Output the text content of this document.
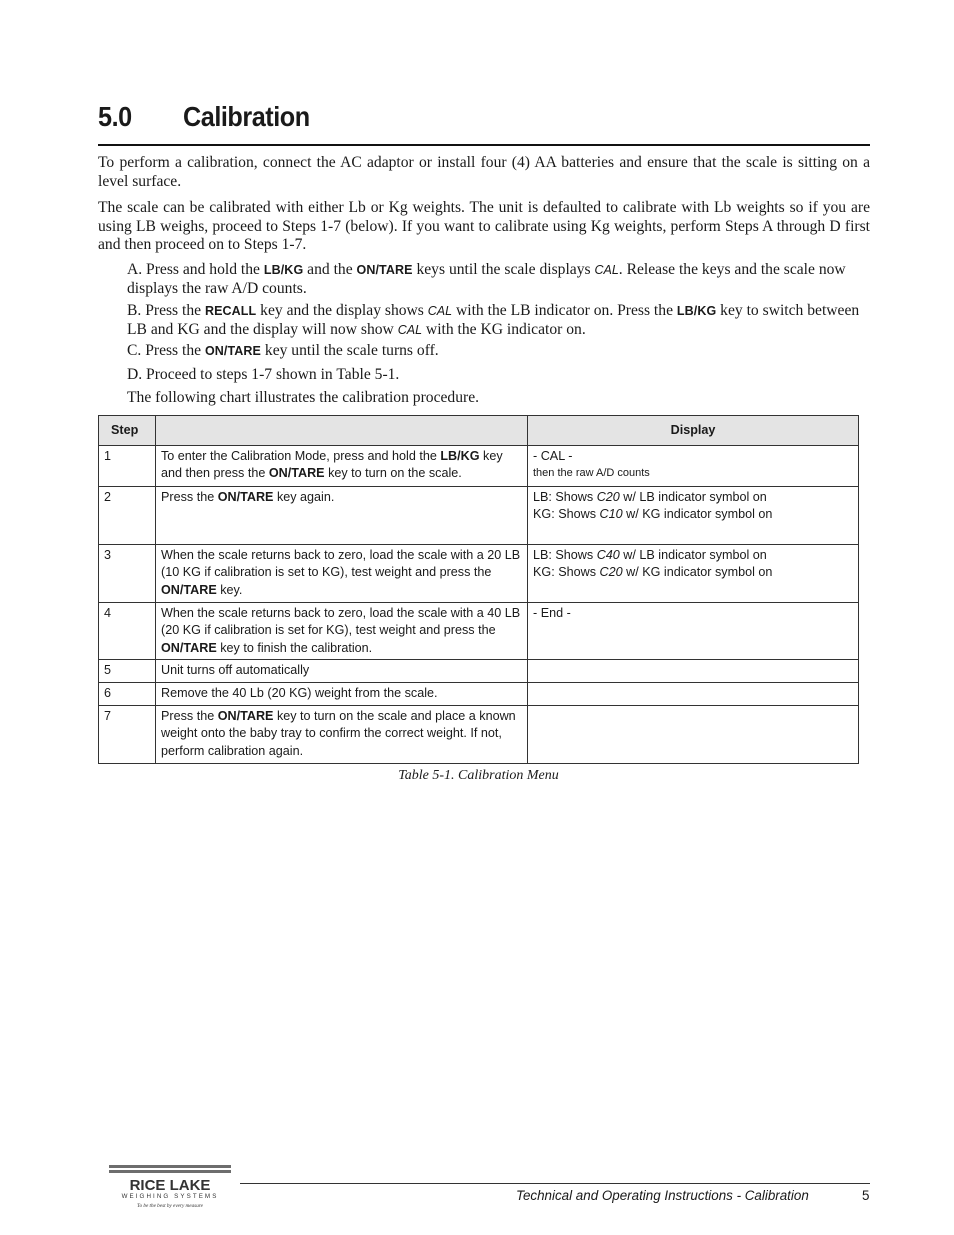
5.0 Calibration
To perform a calibration, connect the AC adaptor or install four (4) AA batteries and ensure that the scale is sitting on a level surface.
The scale can be calibrated with either Lb or Kg weights. The unit is defaulted to calibrate with Lb weights so if you are using LB weighs, proceed to Steps 1-7 (below). If you want to calibrate using Kg weights, perform Steps A through D first and then proceed on to Steps 1-7.
A. Press and hold the LB/KG and the ON/TARE keys until the scale displays CAL. Release the keys and the scale now displays the raw A/D counts.
B. Press the RECALL key and the display shows CAL with the LB indicator on. Press the LB/KG key to switch between LB and KG and the display will now show CAL with the KG indicator on.
C. Press the ON/TARE key until the scale turns off.
D. Proceed to steps 1-7 shown in Table 5-1.
The following chart illustrates the calibration procedure.
Step		Display
1	To enter the Calibration Mode, press and hold the LB/KG key and then press the ON/TARE key to turn on the scale.	- CAL -
then the raw A/D counts

2	Press the ON/TARE key again.	LB: Shows C20 w/ LB indicator symbol on
KG: Shows C10 w/ KG indicator symbol on

3	When the scale returns back to zero, load the scale with a 20 LB (10 KG if calibration is set to KG), test weight and press the ON/TARE key.	LB: Shows C40 w/ LB indicator symbol on
KG: Shows C20 w/ KG indicator symbol on

4	When the scale returns back to zero, load the scale with a 40 LB (20 KG if calibration is set for KG), test weight and press the ON/TARE key to finish the calibration.	- End -

5	Unit turns off automatically	
6	Remove the 40 Lb (20 KG) weight from the scale.	
7	Press the ON/TARE key to turn on the scale and place a known weight onto the baby tray to confirm the correct weight. If not, perform calibration again.	
Table 5-1. Calibration Menu
RICE LAKE
WEIGHING SYSTEMS
To be the best by every measure
Technical and Operating Instructions - Calibration	5
